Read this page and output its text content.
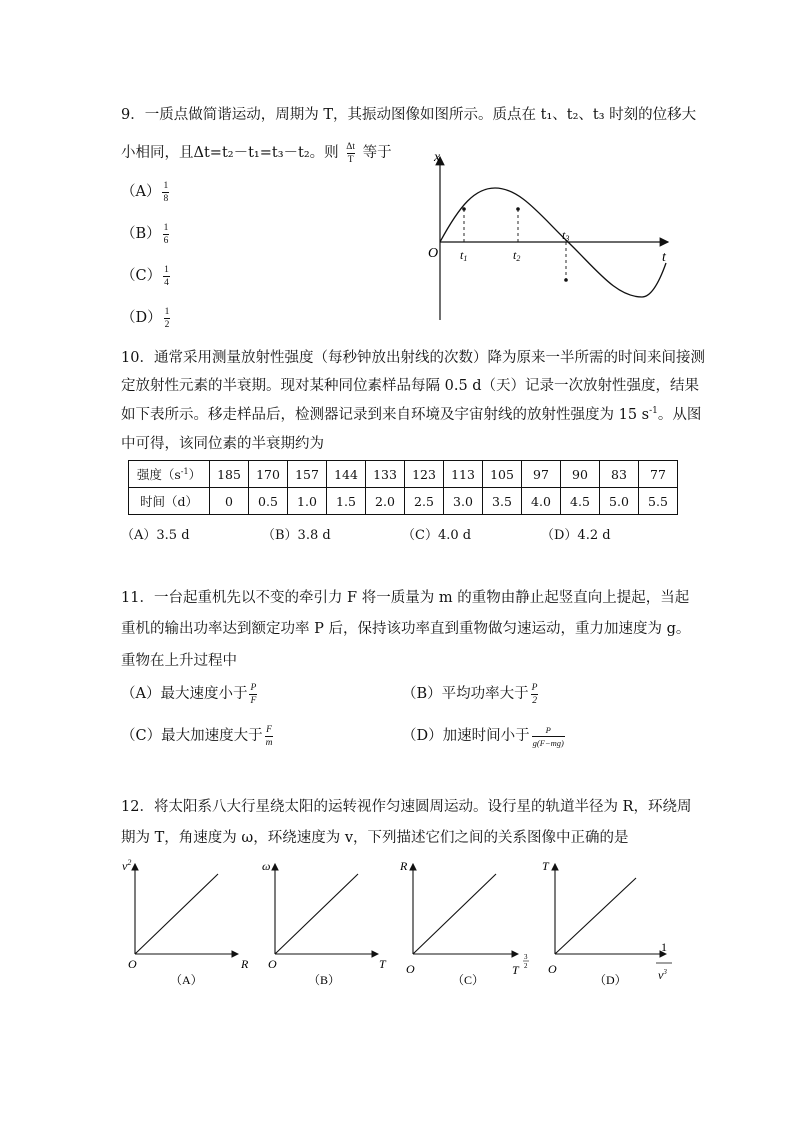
9．一质点做简谐运动，周期为 T，其振动图像如图所示。质点在 t₁、t₂、t₃ 时刻的位移大
小相同，且Δt=t₂－t₁=t₃－t₂。则 $\frac{\Delta t}{T}$ 等于
$(A) \frac{1}{8}$
$(B) \frac{1}{6}$
$(C) \frac{1}{4}$
$(D) \frac{1}{2}$
x
t
O t1	t2
t3
10．通常采用测量放射性强度（每秒钟放出射线的次数）降为原来一半所需的时间来间接测
定放射性元素的半衰期。现对某种同位素样品每隔 0.5 d（天）记录一次放射性强度，结果
如下表所示。移走样品后，检测器记录到来自环境及宇宙射线的放射性强度为 15 $s^{-1}$。从图
中可得，该同位素的半衰期约为
强度$(s^{-1})$	185	170	157	144	133	123	113	105	97	90	83	77
时间（d）	0	0.5	1.0	1.5	2.0	2.5	3.0	3.5	4.0	4.5	5.0	5.5
（A）3.5 d	（B）3.8 d	（C）4.0 d	（D）4.2 d
11．一台起重机先以不变的牵引力 F 将一质量为 m 的重物由静止起竖直向上提起，当起
重机的输出功率达到额定功率 P 后，保持该功率直到重物做匀速运动，重力加速度为 g。
重物在上升过程中
（A）最大速度小于 $\frac{P}{F}$	（B）平均功率大于 $\frac{P}{2}$
（C）最大加速度大于 $\frac{F}{m}$	（D）加速时间小于 $\frac{P}{g(F-mg)}$
12．将太阳系八大行星绕太阳的运转视作匀速圆周运动。设行星的轨道半径为 R，环绕周
期为 T，角速度为 ω，环绕速度为 v，下列描述它们之间的关系图像中正确的是
$v^2$
R
O
（A）
ω
T
O
（B）
R
T
3
2
O
（C）
T
1
$v^3$
O
（D）
